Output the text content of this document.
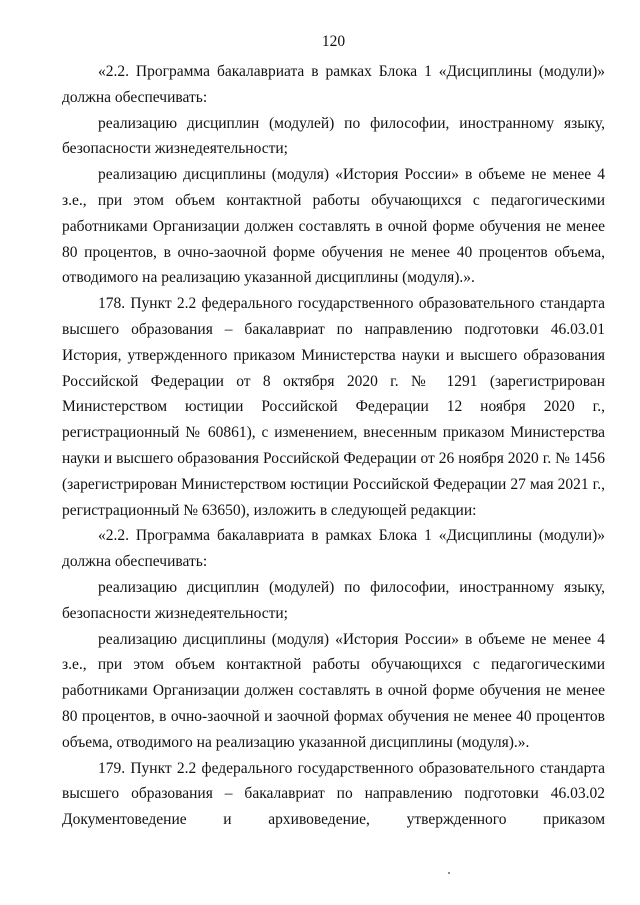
120

«2.2. Программа бакалавриата в рамках Блока 1 «Дисциплины (модули)» должна обеспечивать:

реализацию дисциплин (модулей) по философии, иностранному языку, безопасности жизнедеятельности;

реализацию дисциплины (модуля) «История России» в объеме не менее 4 з.е., при этом объем контактной работы обучающихся с педагогическими работниками Организации должен составлять в очной форме обучения не менее 80 процентов, в очно-заочной форме обучения не менее 40 процентов объема, отводимого на реализацию указанной дисциплины (модуля).».

178. Пункт 2.2 федерального государственного образовательного стандарта высшего образования – бакалавриат по направлению подготовки 46.03.01 История, утвержденного приказом Министерства науки и высшего образования Российской Федерации от 8 октября 2020 г. № 1291 (зарегистрирован Министерством юстиции Российской Федерации 12 ноября 2020 г., регистрационный № 60861), с изменением, внесенным приказом Министерства науки и высшего образования Российской Федерации от 26 ноября 2020 г. № 1456 (зарегистрирован Министерством юстиции Российской Федерации 27 мая 2021 г., регистрационный № 63650), изложить в следующей редакции:

«2.2. Программа бакалавриата в рамках Блока 1 «Дисциплины (модули)» должна обеспечивать:

реализацию дисциплин (модулей) по философии, иностранному языку, безопасности жизнедеятельности;

реализацию дисциплины (модуля) «История России» в объеме не менее 4 з.е., при этом объем контактной работы обучающихся с педагогическими работниками Организации должен составлять в очной форме обучения не менее 80 процентов, в очно-заочной и заочной формах обучения не менее 40 процентов объема, отводимого на реализацию указанной дисциплины (модуля).».

179. Пункт 2.2 федерального государственного образовательного стандарта высшего образования – бакалавриат по направлению подготовки 46.03.02 Документоведение и архивоведение, утвержденного приказом
